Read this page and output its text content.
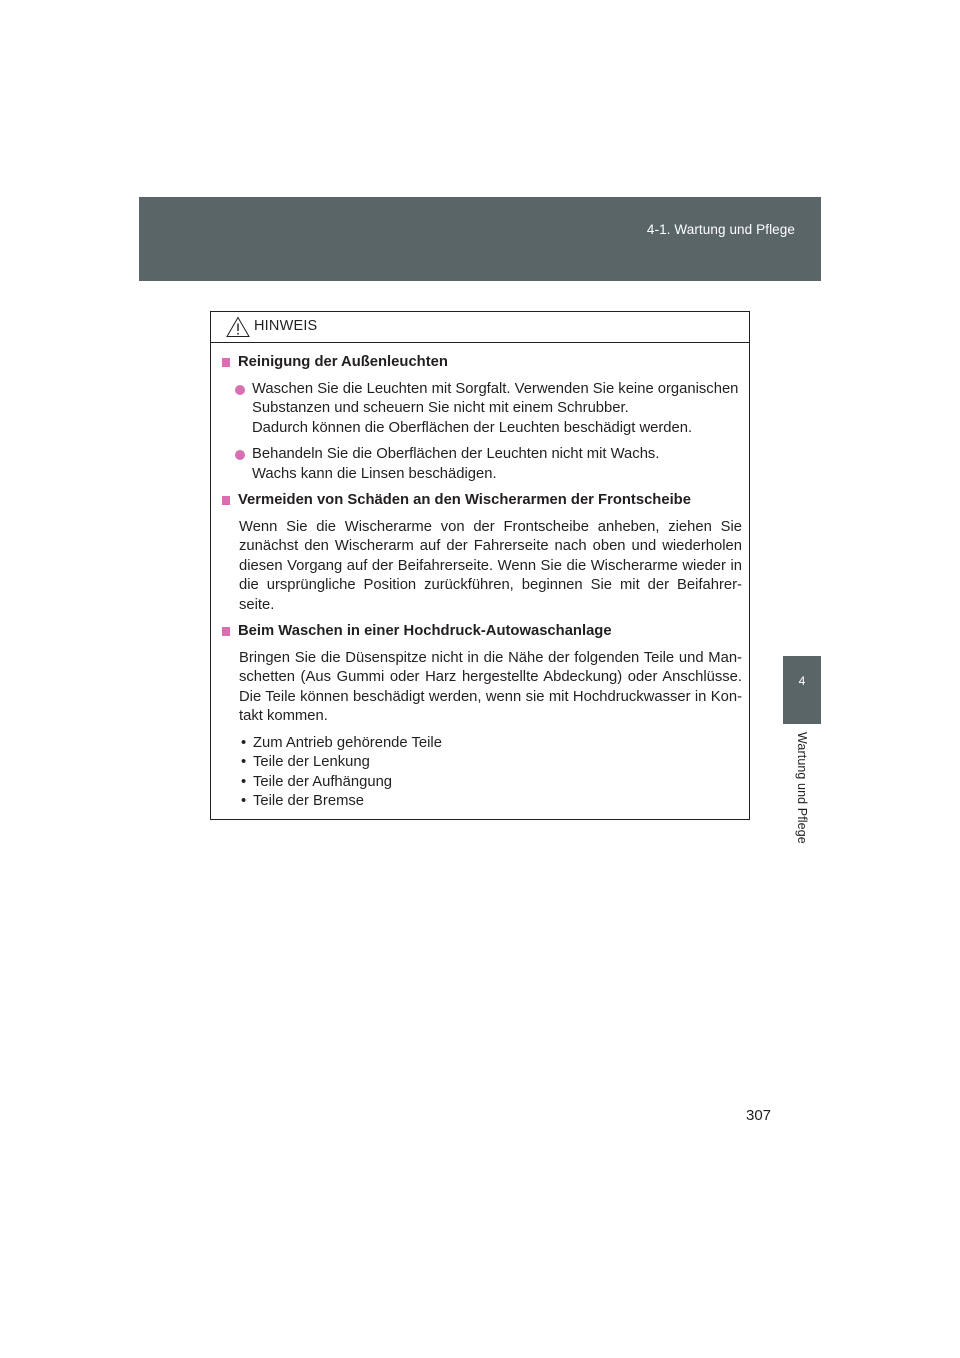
4-1. Wartung und Pflege
4
Wartung und Pflege
HINWEIS
Reinigung der Außenleuchten
Waschen Sie die Leuchten mit Sorgfalt. Verwenden Sie keine organischen
Substanzen und scheuern Sie nicht mit einem Schrubber.
Dadurch können die Oberflächen der Leuchten beschädigt werden.
Behandeln Sie die Oberflächen der Leuchten nicht mit Wachs.
Wachs kann die Linsen beschädigen.
Vermeiden von Schäden an den Wischerarmen der Frontscheibe
Wenn Sie die Wischerarme von der Frontscheibe anheben, ziehen Sie zunächst den Wischerarm auf der Fahrerseite nach oben und wiederholen diesen Vorgang auf der Beifahrerseite. Wenn Sie die Wischerarme wieder in die ursprüngliche Position zurückführen, beginnen Sie mit der Beifahrer-seite.
Beim Waschen in einer Hochdruck-Autowaschanlage
Bringen Sie die Düsenspitze nicht in die Nähe der folgenden Teile und Man-schetten (Aus Gummi oder Harz hergestellte Abdeckung) oder Anschlüsse. Die Teile können beschädigt werden, wenn sie mit Hochdruckwasser in Kon-takt kommen.
• Zum Antrieb gehörende Teile
• Teile der Lenkung
• Teile der Aufhängung
• Teile der Bremse
307
